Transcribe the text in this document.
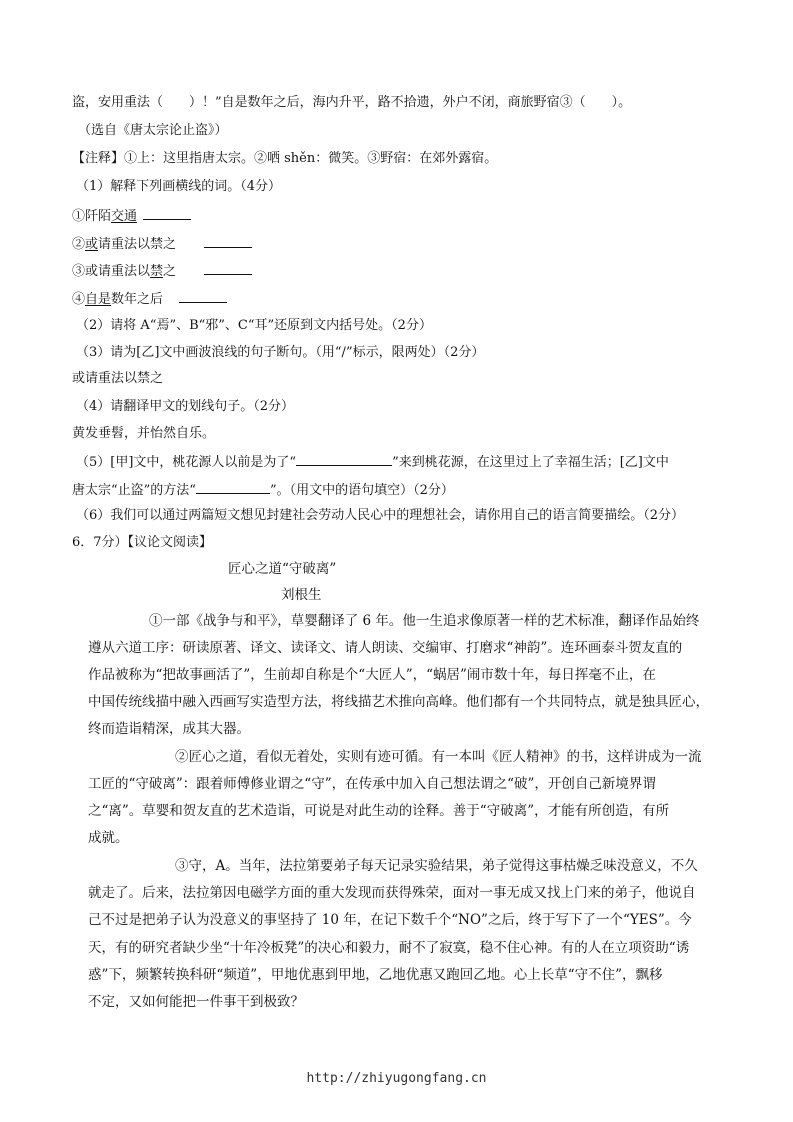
盗，安用重法（　　）！”自是数年之后，海内升平，路不拾遗，外户不闭，商旅野宿③（　　）。
（选自《唐太宗论止盗》）
【注释】①上：这里指唐太宗。②哂 shěn：微笑。③野宿：在郊外露宿。
（1）解释下列画横线的词。（4分）
①阡陌交通
②或请重法以禁之
③或请重法以禁之
④自是数年之后
（2）请将 A“焉”、B“邪”、C“耳”还原到文内括号处。（2分）
（3）请为[乙]文中画波浪线的句子断句。（用“/”标示，限两处）（2分）
或请重法以禁之
（4）请翻译甲文的划线句子。（2分）
黄发垂髫，并怡然自乐。
（5）[甲]文中，桃花源人以前是为了“	”来到桃花源，在这里过上了幸福生活；[乙]文中
唐太宗“止盗”的方法“	”。（用文中的语句填空）（2分）
（6）我们可以通过两篇短文想见封建社会劳动人民心中的理想社会，请你用自己的语言简要描绘。（2分）
6．7分）【议论文阅读】
匠心之道“守破离”
刘根生
①一部《战争与和平》，草婴翻译了 6 年。他一生追求像原著一样的艺术标准，翻译作品始终
遵从六道工序：研读原著、译文、读译文、请人朗读、交编审、打磨求“神韵”。连环画泰斗贺友直的
作品被称为“把故事画活了”，生前却自称是个“大匠人”，“蜗居”闹市数十年，每日挥毫不止，在
中国传统线描中融入西画写实造型方法，将线描艺术推向高峰。他们都有一个共同特点，就是独具匠心，
终而造诣精深，成其大器。
②匠心之道，看似无着处，实则有迹可循。有一本叫《匠人精神》的书，这样讲成为一流
工匠的“守破离”：跟着师傅修业谓之“守”，在传承中加入自己想法谓之“破”，开创自己新境界谓
之“离”。草婴和贺友直的艺术造诣，可说是对此生动的诠释。善于“守破离”，才能有所创造，有所
成就。
③守，A。当年，法拉第要弟子每天记录实验结果，弟子觉得这事枯燥乏味没意义，不久
就走了。后来，法拉第因电磁学方面的重大发现而获得殊荣，面对一事无成又找上门来的弟子，他说自
己不过是把弟子认为没意义的事坚持了 10 年，在记下数千个“NO”之后，终于写下了一个“YES”。今
天，有的研究者缺少坐“十年冷板凳”的决心和毅力，耐不了寂寞，稳不住心神。有的人在立项资助“诱
惑”下，频繁转换科研“频道”，甲地优惠到甲地，乙地优惠又跑回乙地。心上长草“守不住”，飘移
不定，又如何能把一件事干到极致？
http://zhiyugongfang.cn
